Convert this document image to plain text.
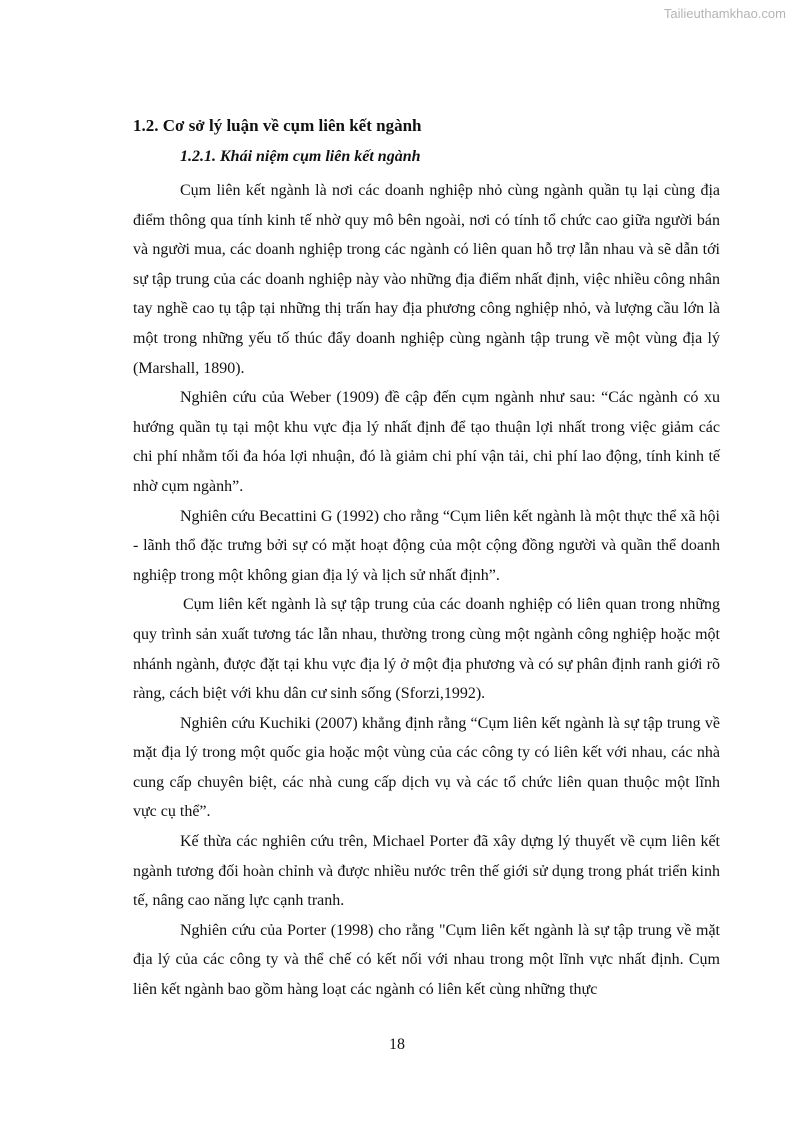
Tailieuthamkhao.com
1.2. Cơ sở lý luận về cụm liên kết ngành
1.2.1. Khái niệm cụm liên kết ngành

Cụm liên kết ngành là nơi các doanh nghiệp nhỏ cùng ngành quần tụ lại cùng địa điểm thông qua tính kinh tế nhờ quy mô bên ngoài, nơi có tính tổ chức cao giữa người bán và người mua, các doanh nghiệp trong các ngành có liên quan hỗ trợ lẫn nhau và sẽ dẫn tới sự tập trung của các doanh nghiệp này vào những địa điểm nhất định, việc nhiều công nhân tay nghề cao tụ tập tại những thị trấn hay địa phương công nghiệp nhỏ, và lượng cầu lớn là một trong những yếu tố thúc đẩy doanh nghiệp cùng ngành tập trung về một vùng địa lý (Marshall, 1890).

Nghiên cứu của Weber (1909) đề cập đến cụm ngành như sau: “Các ngành có xu hướng quần tụ tại một khu vực địa lý nhất định để tạo thuận lợi nhất trong việc giảm các chi phí nhằm tối đa hóa lợi nhuận, đó là giảm chi phí vận tải, chi phí lao động, tính kinh tế nhờ cụm ngành”.

Nghiên cứu Becattini G (1992) cho rằng “Cụm liên kết ngành là một thực thể xã hội - lãnh thổ đặc trưng bởi sự có mặt hoạt động của một cộng đồng người và quần thể doanh nghiệp trong một không gian địa lý và lịch sử nhất định”.

Cụm liên kết ngành là sự tập trung của các doanh nghiệp có liên quan trong những quy trình sản xuất tương tác lẫn nhau, thường trong cùng một ngành công nghiệp hoặc một nhánh ngành, được đặt tại khu vực địa lý ở một địa phương và có sự phân định ranh giới rõ ràng, cách biệt với khu dân cư sinh sống (Sforzi,1992).

Nghiên cứu Kuchiki (2007) khẳng định rằng “Cụm liên kết ngành là sự tập trung về mặt địa lý trong một quốc gia hoặc một vùng của các công ty có liên kết với nhau, các nhà cung cấp chuyên biệt, các nhà cung cấp dịch vụ và các tổ chức liên quan thuộc một lĩnh vực cụ thể”.

Kế thừa các nghiên cứu trên, Michael Porter đã xây dựng lý thuyết về cụm liên kết ngành tương đối hoàn chỉnh và được nhiều nước trên thế giới sử dụng trong phát triển kinh tế, nâng cao năng lực cạnh tranh.

Nghiên cứu của Porter (1998) cho rằng "Cụm liên kết ngành là sự tập trung về mặt địa lý của các công ty và thể chế có kết nối với nhau trong một lĩnh vực nhất định. Cụm liên kết ngành bao gồm hàng loạt các ngành có liên kết cùng những thực

18
